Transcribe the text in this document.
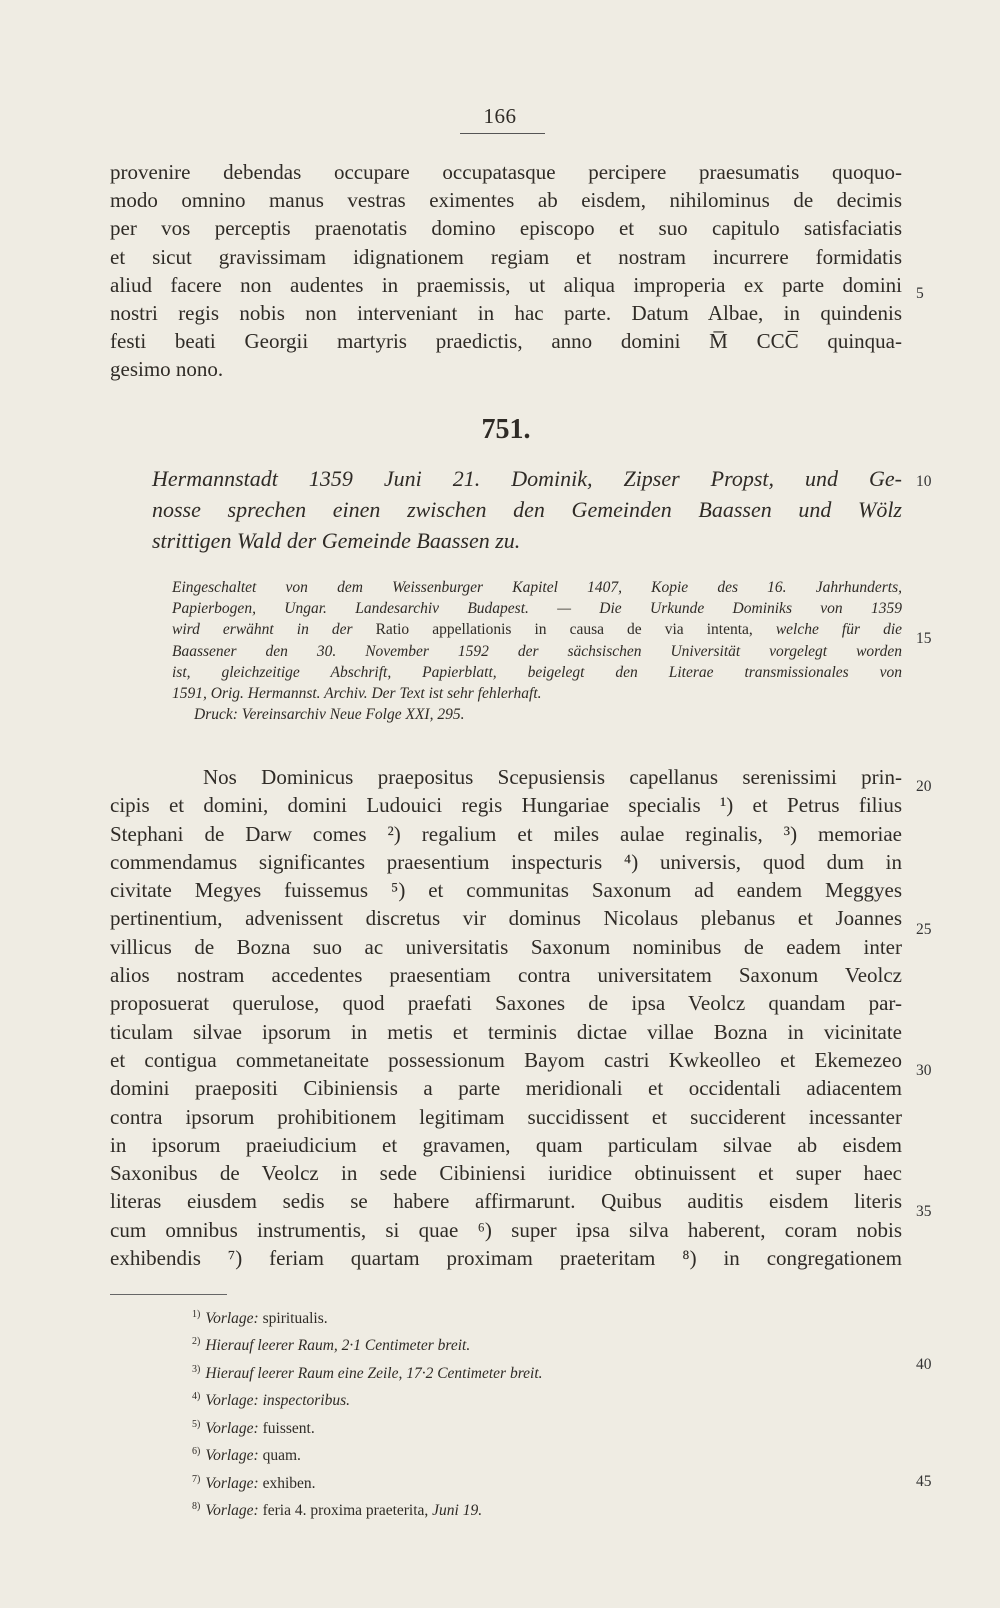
166
provenire debendas occupare occupatasque percipere praesumatis quoquo-
modo omnino manus vestras eximentes ab eisdem, nihilominus de decimis
per vos perceptis praenotatis domino episcopo et suo capitulo satisfaciatis
et sicut gravissimam idignationem regiam et nostram incurrere formidatis
aliud facere non audentes in praemissis, ut aliqua improperia ex parte domini
nostri regis nobis non interveniant in hac parte. Datum Albae, in quindenis
festi beati Georgii martyris praedictis, anno domini M̅ CCC̅ quinqua-
gesimo nono.
751.
Hermannstadt 1359 Juni 21. Dominik, Zipser Propst, und Ge-
nosse sprechen einen zwischen den Gemeinden Baassen und Wölz
strittigen Wald der Gemeinde Baassen zu.
Eingeschaltet von dem Weissenburger Kapitel 1407, Kopie des 16. Jahrhunderts,
Papierbogen, Ungar. Landesarchiv Budapest. — Die Urkunde Dominiks von 1359
wird erwähnt in der Ratio appellationis in causa de via intenta, welche für die
Baassener den 30. November 1592 der sächsischen Universität vorgelegt worden
ist, gleichzeitige Abschrift, Papierblatt, beigelegt den Literae transmissionales von
1591, Orig. Hermannst. Archiv. Der Text ist sehr fehlerhaft.
Druck: Vereinsarchiv Neue Folge XXI, 295.
Nos Dominicus praepositus Scepusiensis capellanus serenissimi prin-
cipis et domini, domini Ludouici regis Hungariae specialis ¹) et Petrus filius
Stephani de Darw comes ²) regalium et miles aulae reginalis, ³) memoriae
commendamus significantes praesentium inspecturis ⁴) universis, quod dum in
civitate Megyes fuissemus ⁵) et communitas Saxonum ad eandem Meggyes
pertinentium, advenissent discretus vir dominus Nicolaus plebanus et Joannes
villicus de Bozna suo ac universitatis Saxonum nominibus de eadem inter
alios nostram accedentes praesentiam contra universitatem Saxonum Veolcz
proposuerat querulose, quod praefati Saxones de ipsa Veolcz quandam par-
ticulam silvae ipsorum in metis et terminis dictae villae Bozna in vicinitate
et contigua commetaneitate possessionum Bayom castri Kwkeolleo et Ekemezeo
domini praepositi Cibiniensis a parte meridionali et occidentali adiacentem
contra ipsorum prohibitionem legitimam succidissent et succiderent incessanter
in ipsorum praeiudicium et gravamen, quam particulam silvae ab eisdem
Saxonibus de Veolcz in sede Cibiniensi iuridice obtinuissent et super haec
literas eiusdem sedis se habere affirmarunt. Quibus auditis eisdem literis
cum omnibus instrumentis, si quae ⁶) super ipsa silva haberent, coram nobis
exhibendis ⁷) feriam quartam proximam praeteritam ⁸) in congregationem
$^{1)}$ Vorlage: spiritualis.
$^{2)}$ Hierauf leerer Raum, 2·1 Centimeter breit.
$^{3)}$ Hierauf leerer Raum eine Zeile, 17·2 Centimeter breit.
$^{4)}$ Vorlage: inspectoribus.
$^{5)}$ Vorlage: fuissent.
$^{6)}$ Vorlage: quam.
$^{7)}$ Vorlage: exhiben.
$^{8)}$ Vorlage: feria 4. proxima praeterita, Juni 19.
5
10
15
20
25
30
35
40
45
